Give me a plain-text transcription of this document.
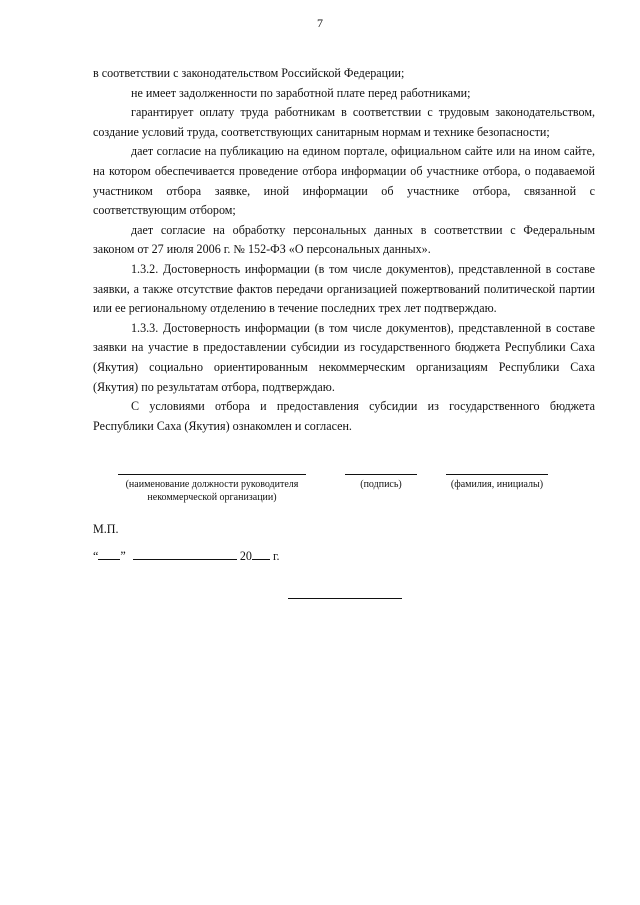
7

в соответствии с законодательством Российской Федерации;

не имеет задолженности по заработной плате перед работниками;

гарантирует оплату труда работникам в соответствии с трудовым законодательством, создание условий труда, соответствующих санитарным нормам и технике безопасности;

дает согласие на публикацию на едином портале, официальном сайте или на ином сайте, на котором обеспечивается проведение отбора информации об участнике отбора, о подаваемой участником отбора заявке, иной информации об участнике отбора, связанной с соответствующим отбором;

дает согласие на обработку персональных данных в соответствии с Федеральным законом от 27 июля 2006 г. № 152-ФЗ «О персональных данных».

1.3.2. Достоверность информации (в том числе документов), представленной в составе заявки, а также отсутствие фактов передачи организацией пожертвований политической партии или ее региональному отделению в течение последних трех лет подтверждаю.

1.3.3. Достоверность информации (в том числе документов), представленной в составе заявки на участие в предоставлении субсидии из государственного бюджета Республики Саха (Якутия) социально ориентированным некоммерческим организациям Республики Саха (Якутия) по результатам отбора, подтверждаю.

С условиями отбора и предоставления субсидии из государственного бюджета Республики Саха (Якутия) ознакомлен и согласен.

(наименование должности руководителя некоммерческой организации)
(подпись)	(фамилия, инициалы)
М.П.
“ ”	20 г.
